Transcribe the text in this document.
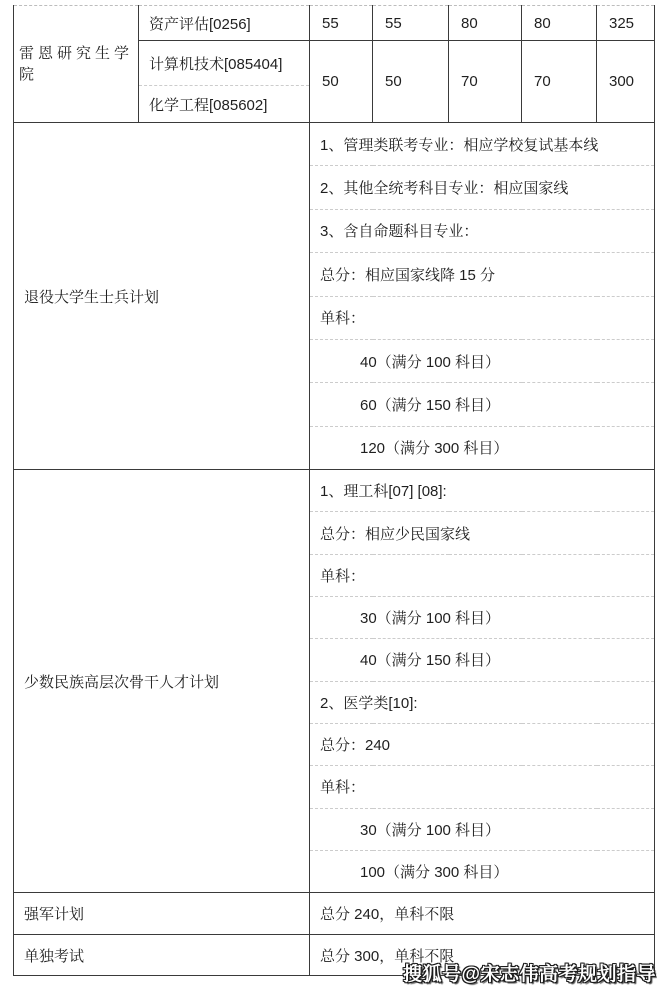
雷恩研究生学院	资产评估[0256]	55	55	80	80	325
	计算机技术[085404]	50	50	70	70	300
	化学工程[085602]					
退役大学生士兵计划		1、管理类联考专业：相应学校复试基本线				
		2、其他全统考科目专业：相应国家线				
		3、含自命题科目专业：				
		总分：相应国家线降 15 分				
		单科：				
		40（满分 100 科目）				
		60（满分 150 科目）				
		120（满分 300 科目）				
少数民族高层次骨干人才计划		1、理工科[07] [08]:				
		总分：相应少民国家线				
		单科：				
		30（满分 100 科目）				
		40（满分 150 科目）				
		2、医学类[10]:				
		总分：240				
		单科：				
		30（满分 100 科目）				
		100（满分 300 科目）				
强军计划		总分 240，单科不限				
单独考试		总分 300，单科不限				
搜狐号@宋志伟高考规划指导
